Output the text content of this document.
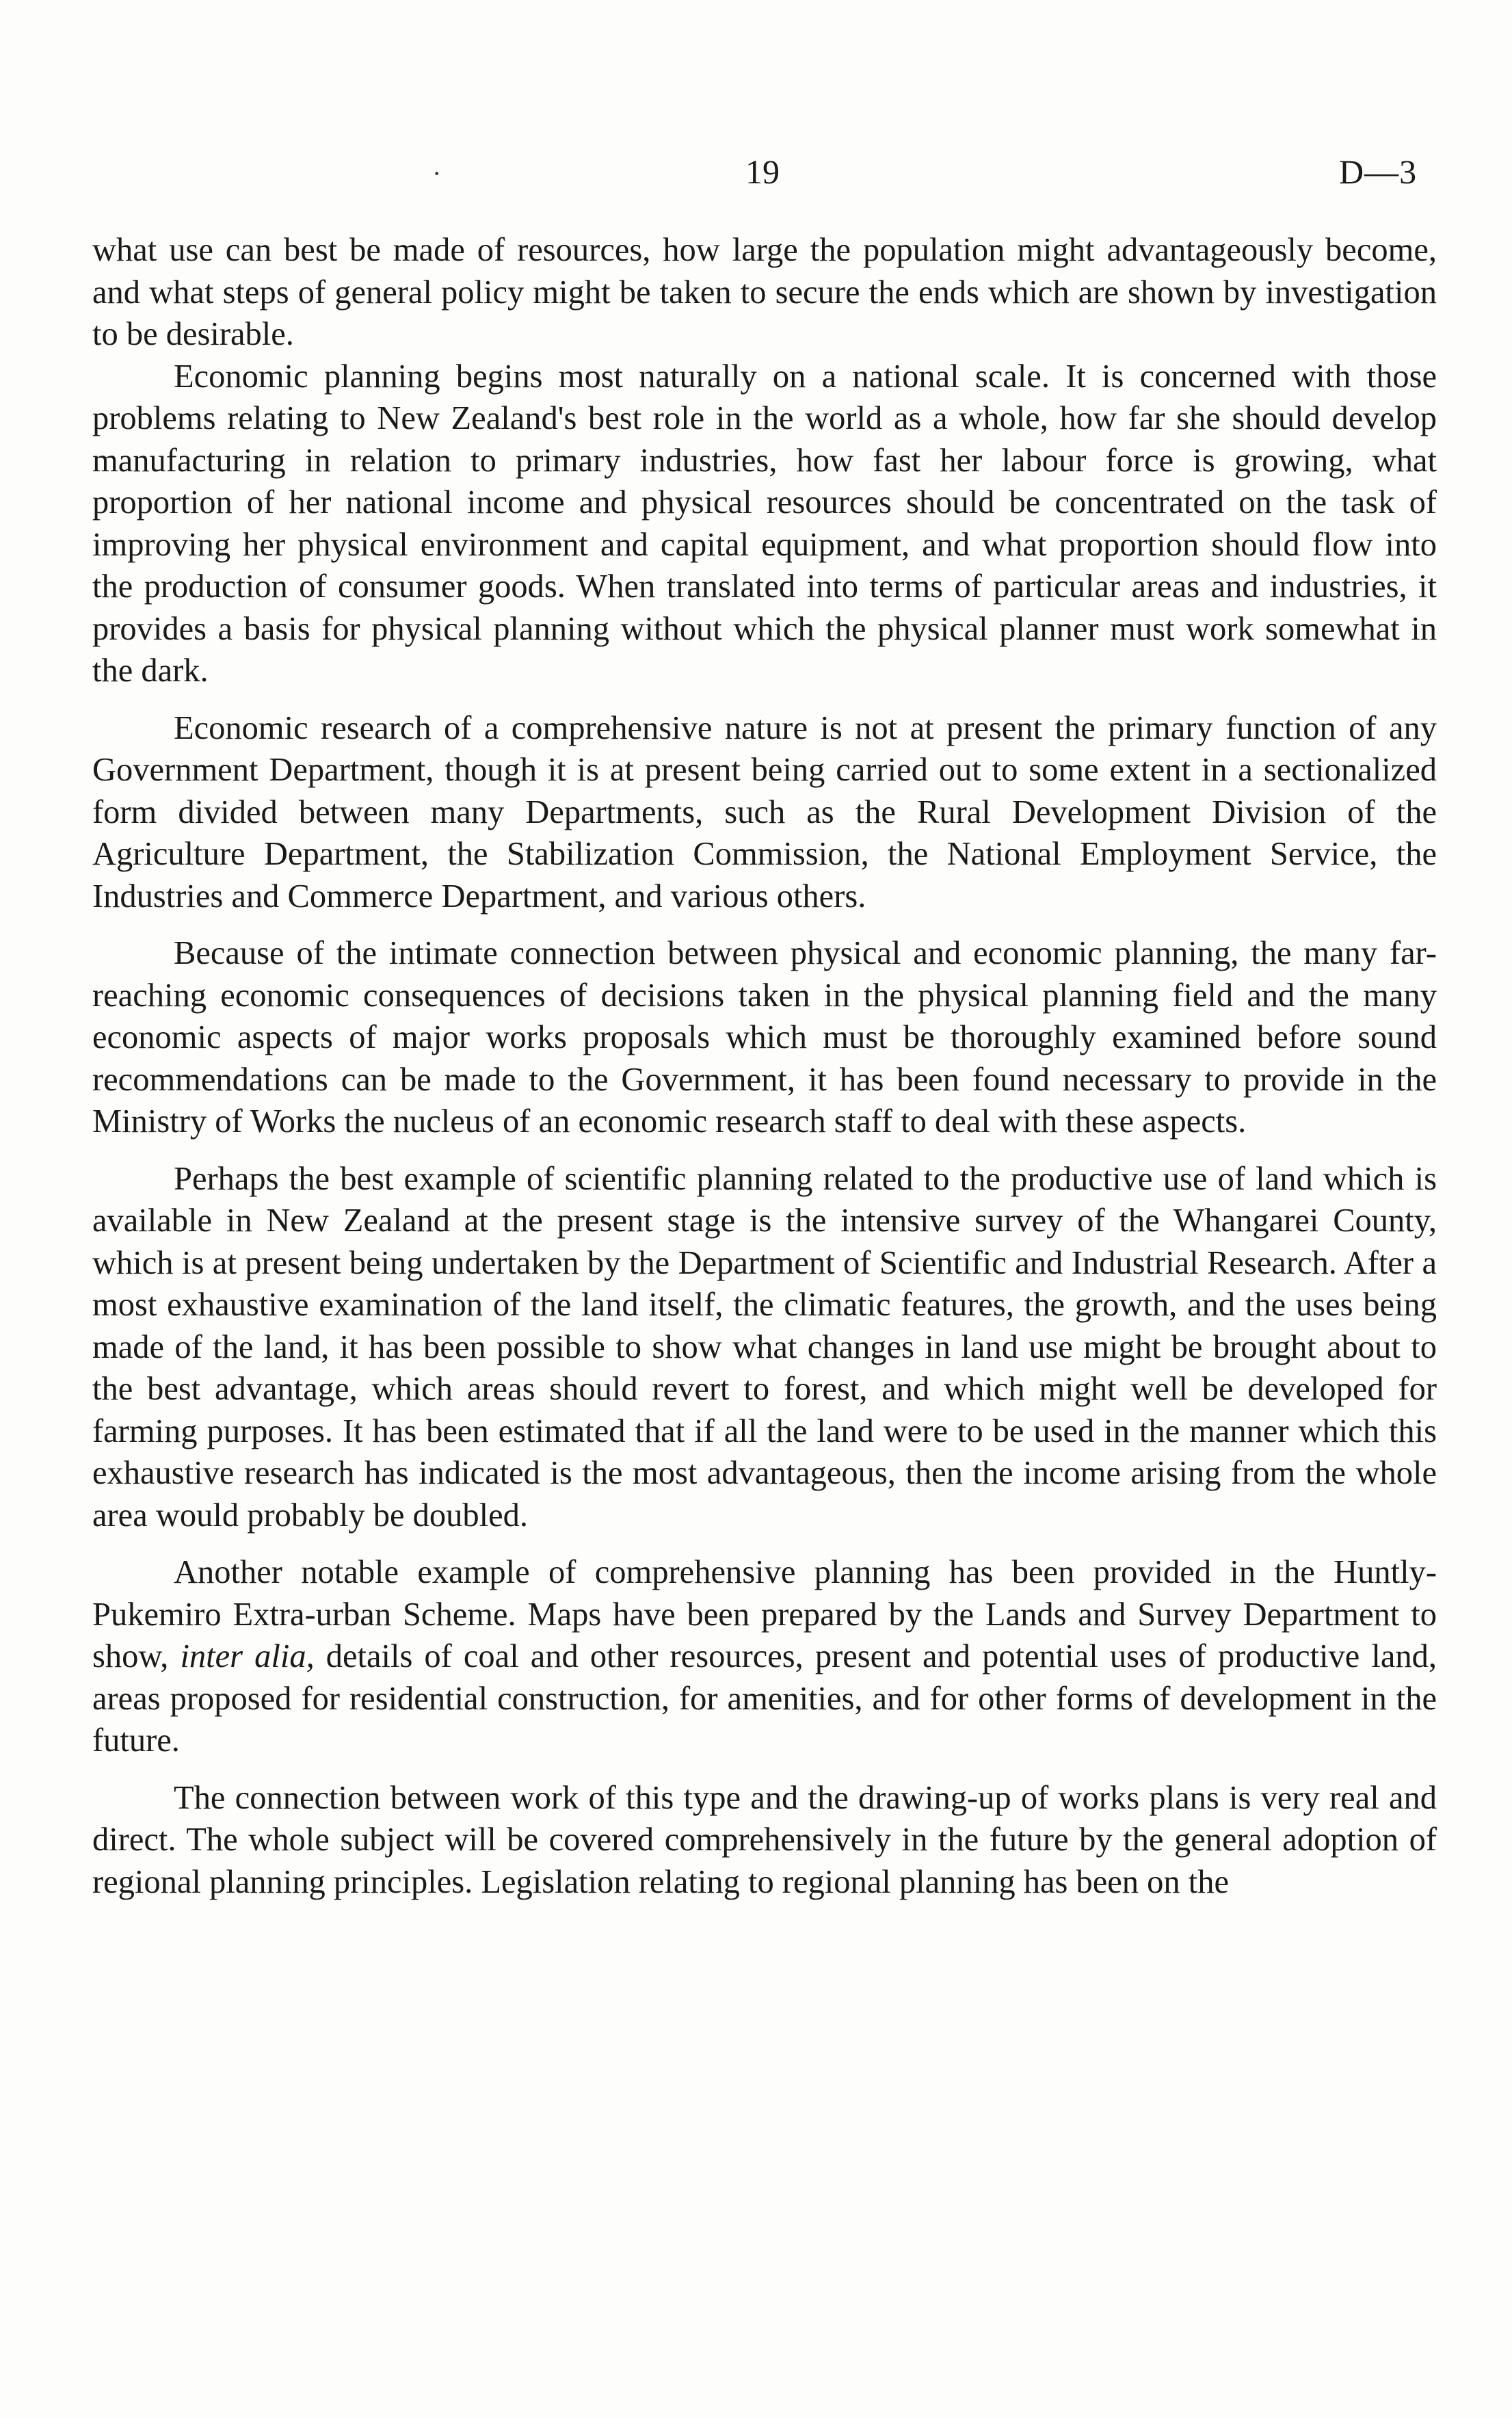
·	19	D—3

what use can best be made of resources, how large the population might advantageously become, and what steps of general policy might be taken to secure the ends which are shown by investigation to be desirable.

Economic planning begins most naturally on a national scale. It is concerned with those problems relating to New Zealand's best role in the world as a whole, how far she should develop manufacturing in relation to primary industries, how fast her labour force is growing, what proportion of her national income and physical resources should be concentrated on the task of improving her physical environment and capital equipment, and what proportion should flow into the production of consumer goods. When translated into terms of particular areas and industries, it provides a basis for physical planning without which the physical planner must work somewhat in the dark.

Economic research of a comprehensive nature is not at present the primary function of any Government Department, though it is at present being carried out to some extent in a sectionalized form divided between many Departments, such as the Rural Development Division of the Agriculture Department, the Stabilization Commission, the National Employment Service, the Industries and Commerce Department, and various others.

Because of the intimate connection between physical and economic planning, the many far-reaching economic consequences of decisions taken in the physical planning field and the many economic aspects of major works proposals which must be thoroughly examined before sound recommendations can be made to the Government, it has been found necessary to provide in the Ministry of Works the nucleus of an economic research staff to deal with these aspects.

Perhaps the best example of scientific planning related to the productive use of land which is available in New Zealand at the present stage is the intensive survey of the Whangarei County, which is at present being undertaken by the Department of Scientific and Industrial Research. After a most exhaustive examination of the land itself, the climatic features, the growth, and the uses being made of the land, it has been possible to show what changes in land use might be brought about to the best advantage, which areas should revert to forest, and which might well be developed for farming purposes. It has been estimated that if all the land were to be used in the manner which this exhaustive research has indicated is the most advantageous, then the income arising from the whole area would probably be doubled.

Another notable example of comprehensive planning has been provided in the Huntly-Pukemiro Extra-urban Scheme. Maps have been prepared by the Lands and Survey Department to show, inter alia, details of coal and other resources, present and potential uses of productive land, areas proposed for residential construction, for amenities, and for other forms of development in the future.

The connection between work of this type and the drawing-up of works plans is very real and direct. The whole subject will be covered comprehensively in the future by the general adoption of regional planning principles. Legislation relating to regional planning has been on the
